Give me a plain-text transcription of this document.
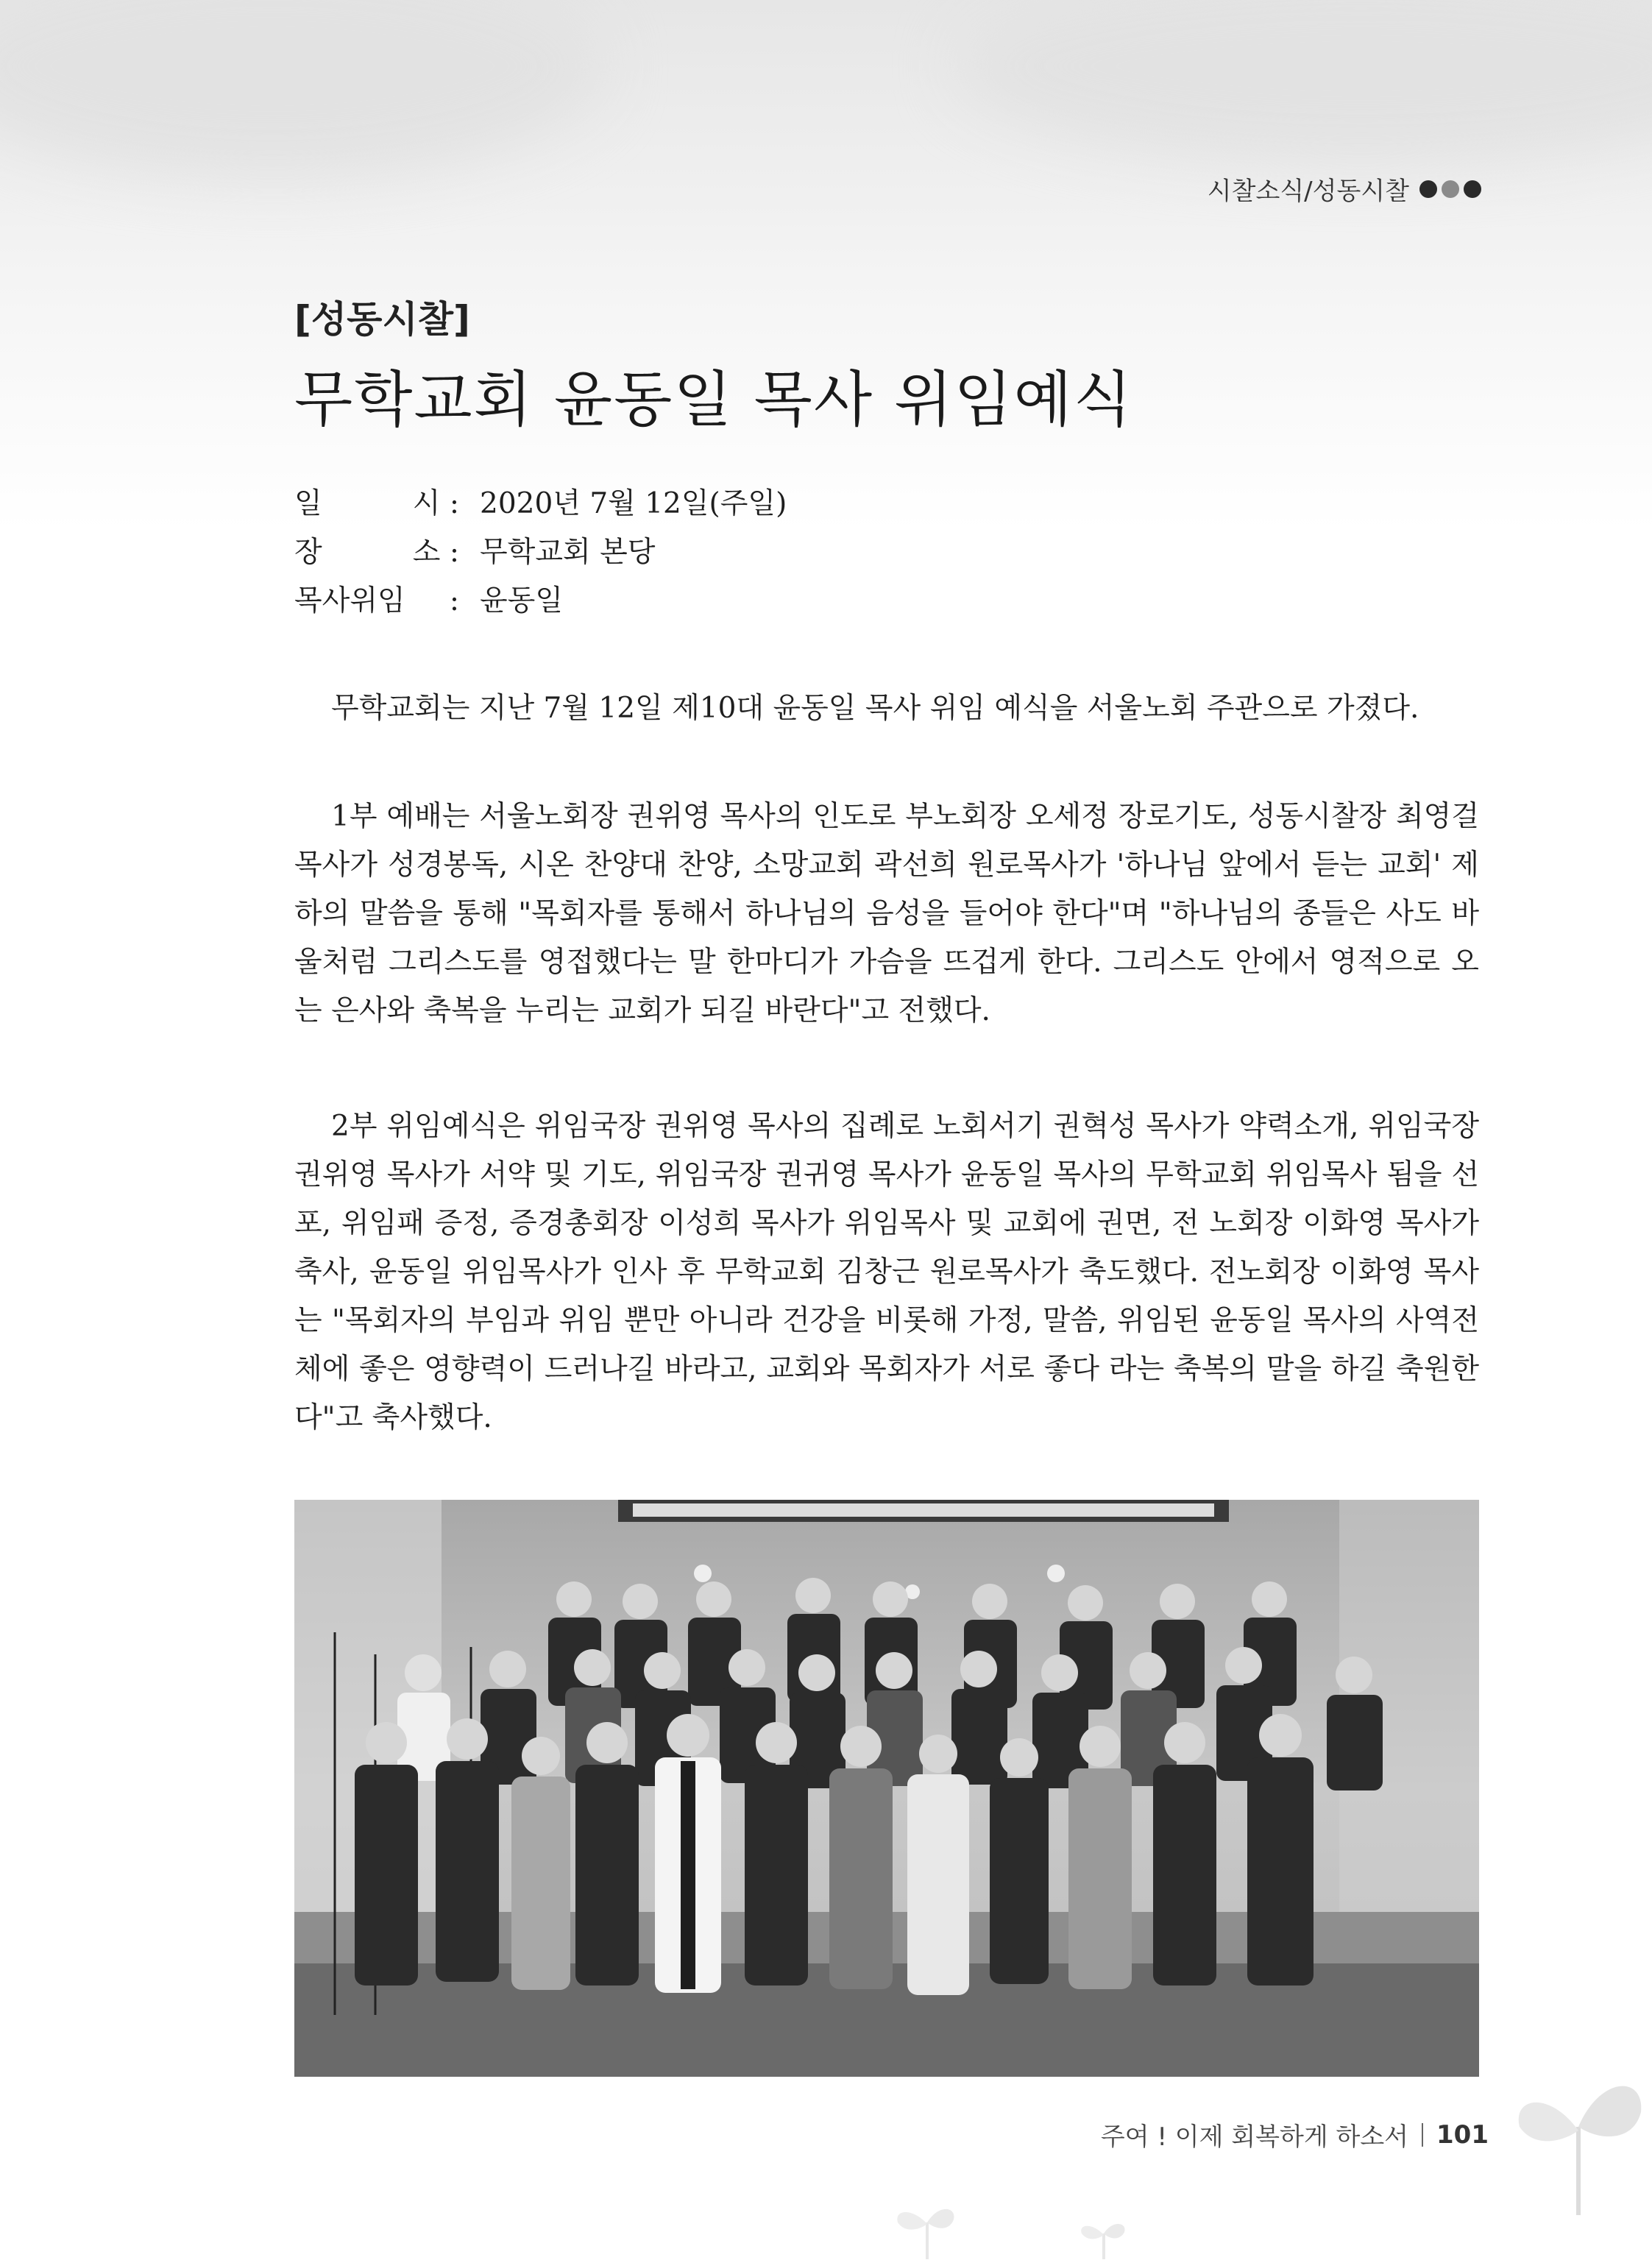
시찰소식/성동시찰
[성동시찰]
무학교회 윤동일 목사 위임예식
일	시 : 2020년 7월 12일(주일)
장	소 : 무학교회 본당
목사위임 : 윤동일

무학교회는 지난 7월 12일 제10대 윤동일 목사 위임 예식을 서울노회 주관으로 가졌다.

1부 예배는 서울노회장 권위영 목사의 인도로 부노회장 오세정 장로기도, 성동시찰장 최영걸 목사가 성경봉독, 시온 찬양대 찬양, 소망교회 곽선희 원로목사가 '하나님 앞에서 듣는 교회' 제하의 말씀을 통해 "목회자를 통해서 하나님의 음성을 들어야 한다"며 "하나님의 종들은 사도 바울처럼 그리스도를 영접했다는 말 한마디가 가슴을 뜨겁게 한다. 그리스도 안에서 영적으로 오는 은사와 축복을 누리는 교회가 되길 바란다"고 전했다.

2부 위임예식은 위임국장 권위영 목사의 집례로 노회서기 권혁성 목사가 약력소개, 위임국장 권위영 목사가 서약 및 기도, 위임국장 권귀영 목사가 윤동일 목사의 무학교회 위임목사 됨을 선포, 위임패 증정, 증경총회장 이성희 목사가 위임목사 및 교회에 권면, 전 노회장 이화영 목사가 축사, 윤동일 위임목사가 인사 후 무학교회 김창근 원로목사가 축도했다. 전노회장 이화영 목사는 "목회자의 부임과 위임 뿐만 아니라 건강을 비롯해 가정, 말씀, 위임된 윤동일 목사의 사역전체에 좋은 영향력이 드러나길 바라고, 교회와 목회자가 서로 좋다 라는 축복의 말을 하길 축원한다"고 축사했다.

주여 ! 이제 회복하게 하소서 101
